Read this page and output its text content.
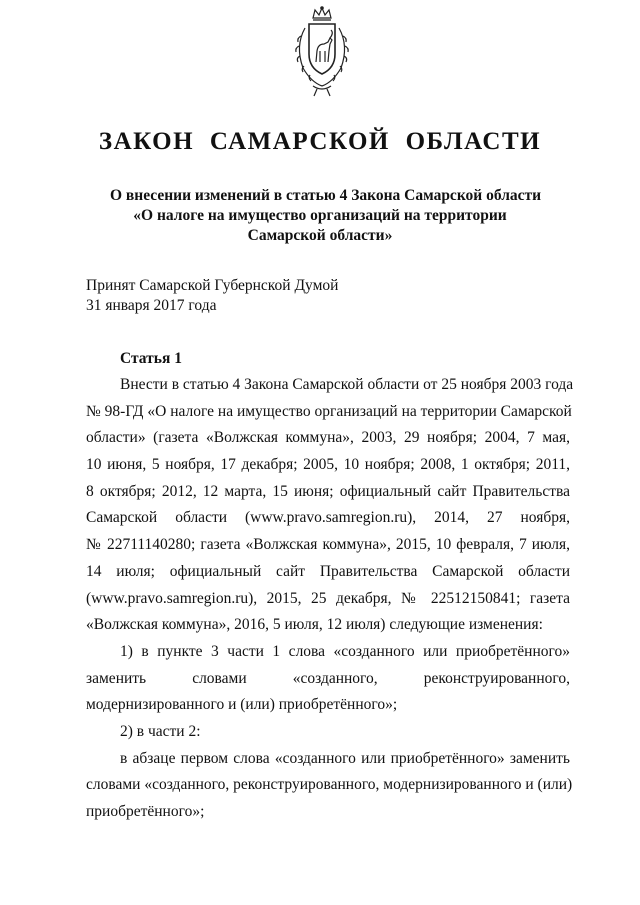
ЗАКОН САМАРСКОЙ ОБЛАСТИ
О внесении изменений в статью 4 Закона Самарской области
«О налоге на имущество организаций на территории
Самарской области»
Принят Самарской Губернской Думой
31 января 2017 года
Статья 1
Внести в статью 4 Закона Самарской области от 25 ноября 2003 года
№ 98-ГД «О налоге на имущество организаций на территории Самарской
области» (газета «Волжская коммуна», 2003, 29 ноября; 2004, 7 мая,
10 июня, 5 ноября, 17 декабря; 2005, 10 ноября; 2008, 1 октября; 2011,
8 октября; 2012, 12 марта, 15 июня; официальный сайт Правительства
Самарской области (www.pravo.samregion.ru), 2014, 27 ноября,
№ 22711140280; газета «Волжская коммуна», 2015, 10 февраля, 7 июля,
14 июля; официальный сайт Правительства Самарской области
(www.pravo.samregion.ru), 2015, 25 декабря, № 22512150841; газета
«Волжская коммуна», 2016, 5 июля, 12 июля) следующие изменения:
1) в пункте 3 части 1 слова «созданного или приобретённого»
заменить словами «созданного, реконструированного,
модернизированного и (или) приобретённого»;
2) в части 2:
в абзаце первом слова «созданного или приобретённого» заменить
словами «созданного, реконструированного, модернизированного и (или)
приобретённого»;
